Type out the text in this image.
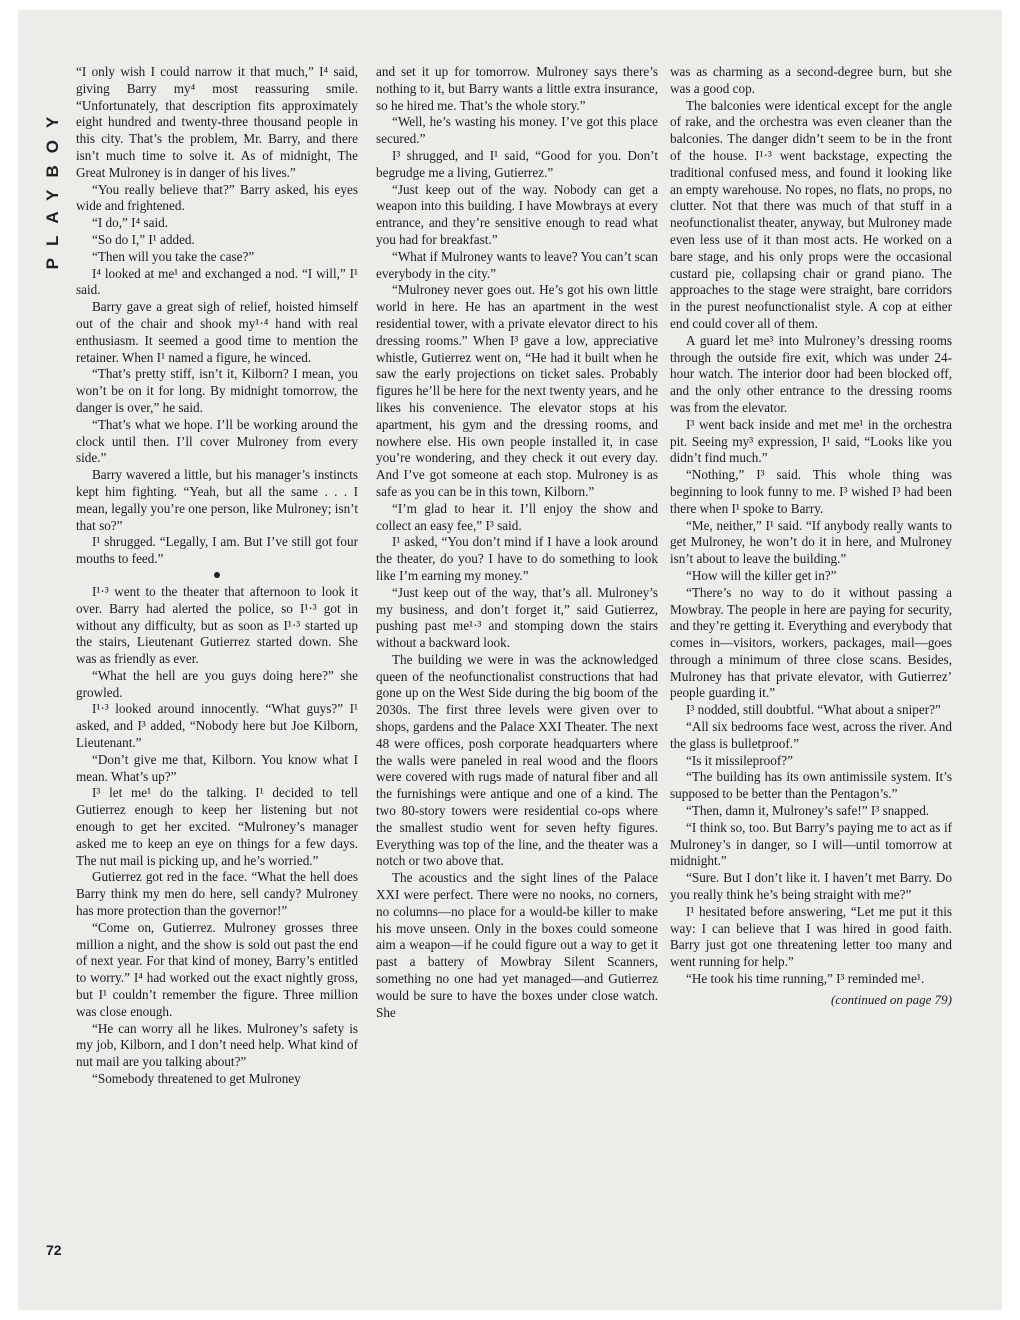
PLAYBOY

“I only wish I could narrow it that much,” I⁴ said, giving Barry my⁴ most reassuring smile. “Unfortunately, that description fits approximately eight hundred and twenty-three thousand people in this city. That’s the problem, Mr. Barry, and there isn’t much time to solve it. As of midnight, The Great Mulroney is in danger of his lives.”

“You really believe that?” Barry asked, his eyes wide and frightened.

“I do,” I⁴ said.

“So do I,” I¹ added.

“Then will you take the case?”

I⁴ looked at me¹ and exchanged a nod. “I will,” I¹ said.

Barry gave a great sigh of relief, hoisted himself out of the chair and shook my¹·⁴ hand with real enthusiasm. It seemed a good time to mention the retainer. When I¹ named a figure, he winced.

“That’s pretty stiff, isn’t it, Kilborn? I mean, you won’t be on it for long. By midnight tomorrow, the danger is over,” he said.

“That’s what we hope. I’ll be working around the clock until then. I’ll cover Mulroney from every side.”

Barry wavered a little, but his manager’s instincts kept him fighting. “Yeah, but all the same . . . I mean, legally you’re one person, like Mulroney; isn’t that so?”

I¹ shrugged. “Legally, I am. But I’ve still got four mouths to feed.”

I¹·³ went to the theater that afternoon to look it over. Barry had alerted the police, so I¹·³ got in without any difficulty, but as soon as I¹·³ started up the stairs, Lieutenant Gutierrez started down. She was as friendly as ever.

“What the hell are you guys doing here?” she growled.

I¹·³ looked around innocently. “What guys?” I¹ asked, and I³ added, “Nobody here but Joe Kilborn, Lieutenant.”

“Don’t give me that, Kilborn. You know what I mean. What’s up?”

I³ let me¹ do the talking. I¹ decided to tell Gutierrez enough to keep her listening but not enough to get her excited. “Mulroney’s manager asked me to keep an eye on things for a few days. The nut mail is picking up, and he’s worried.”

Gutierrez got red in the face. “What the hell does Barry think my men do here, sell candy? Mulroney has more protection than the governor!”

“Come on, Gutierrez. Mulroney grosses three million a night, and the show is sold out past the end of next year. For that kind of money, Barry’s entitled to worry.” I⁴ had worked out the exact nightly gross, but I¹ couldn’t remember the figure. Three million was close enough.

“He can worry all he likes. Mulroney’s safety is my job, Kilborn, and I don’t need help. What kind of nut mail are you talking about?”

“Somebody threatened to get Mulroney

and set it up for tomorrow. Mulroney says there’s nothing to it, but Barry wants a little extra insurance, so he hired me. That’s the whole story.”

“Well, he’s wasting his money. I’ve got this place secured.”

I³ shrugged, and I¹ said, “Good for you. Don’t begrudge me a living, Gutierrez.”

“Just keep out of the way. Nobody can get a weapon into this building. I have Mowbrays at every entrance, and they’re sensitive enough to read what you had for breakfast.”

“What if Mulroney wants to leave? You can’t scan everybody in the city.”

“Mulroney never goes out. He’s got his own little world in here. He has an apartment in the west residential tower, with a private elevator direct to his dressing rooms.” When I³ gave a low, appreciative whistle, Gutierrez went on, “He had it built when he saw the early projections on ticket sales. Probably figures he’ll be here for the next twenty years, and he likes his convenience. The elevator stops at his apartment, his gym and the dressing rooms, and nowhere else. His own people installed it, in case you’re wondering, and they check it out every day. And I’ve got someone at each stop. Mulroney is as safe as you can be in this town, Kilborn.”

“I’m glad to hear it. I’ll enjoy the show and collect an easy fee,” I³ said.

I¹ asked, “You don’t mind if I have a look around the theater, do you? I have to do something to look like I’m earning my money.”

“Just keep out of the way, that’s all. Mulroney’s my business, and don’t forget it,” said Gutierrez, pushing past me¹·³ and stomping down the stairs without a backward look.

The building we were in was the acknowledged queen of the neofunctionalist constructions that had gone up on the West Side during the big boom of the 2030s. The first three levels were given over to shops, gardens and the Palace XXI Theater. The next 48 were offices, posh corporate headquarters where the walls were paneled in real wood and the floors were covered with rugs made of natural fiber and all the furnishings were antique and one of a kind. The two 80-story towers were residential co-ops where the smallest studio went for seven hefty figures. Everything was top of the line, and the theater was a notch or two above that.

The acoustics and the sight lines of the Palace XXI were perfect. There were no nooks, no corners, no columns—no place for a would-be killer to make his move unseen. Only in the boxes could someone aim a weapon—if he could figure out a way to get it past a battery of Mowbray Silent Scanners, something no one had yet managed—and Gutierrez would be sure to have the boxes under close watch. She

was as charming as a second-degree burn, but she was a good cop.

The balconies were identical except for the angle of rake, and the orchestra was even cleaner than the balconies. The danger didn’t seem to be in the front of the house. I¹·³ went backstage, expecting the traditional confused mess, and found it looking like an empty warehouse. No ropes, no flats, no props, no clutter. Not that there was much of that stuff in a neofunctionalist theater, anyway, but Mulroney made even less use of it than most acts. He worked on a bare stage, and his only props were the occasional custard pie, collapsing chair or grand piano. The approaches to the stage were straight, bare corridors in the purest neofunctionalist style. A cop at either end could cover all of them.

A guard let me³ into Mulroney’s dressing rooms through the outside fire exit, which was under 24-hour watch. The interior door had been blocked off, and the only other entrance to the dressing rooms was from the elevator.

I³ went back inside and met me¹ in the orchestra pit. Seeing my³ expression, I¹ said, “Looks like you didn’t find much.”

“Nothing,” I³ said. This whole thing was beginning to look funny to me. I³ wished I³ had been there when I¹ spoke to Barry.

“Me, neither,” I¹ said. “If anybody really wants to get Mulroney, he won’t do it in here, and Mulroney isn’t about to leave the building.”

“How will the killer get in?”

“There’s no way to do it without passing a Mowbray. The people in here are paying for security, and they’re getting it. Everything and everybody that comes in—visitors, workers, packages, mail—goes through a minimum of three close scans. Besides, Mulroney has that private elevator, with Gutierrez’ people guarding it.”

I³ nodded, still doubtful. “What about a sniper?”

“All six bedrooms face west, across the river. And the glass is bulletproof.”

“Is it missileproof?”

“The building has its own antimissile system. It’s supposed to be better than the Pentagon’s.”

“Then, damn it, Mulroney’s safe!” I³ snapped.

“I think so, too. But Barry’s paying me to act as if Mulroney’s in danger, so I will—until tomorrow at midnight.”

“Sure. But I don’t like it. I haven’t met Barry. Do you really think he’s being straight with me?”

I¹ hesitated before answering, “Let me put it this way: I can believe that I was hired in good faith. Barry just got one threatening letter too many and went running for help.”

“He took his time running,” I³ reminded me¹.

(continued on page 79)
72
